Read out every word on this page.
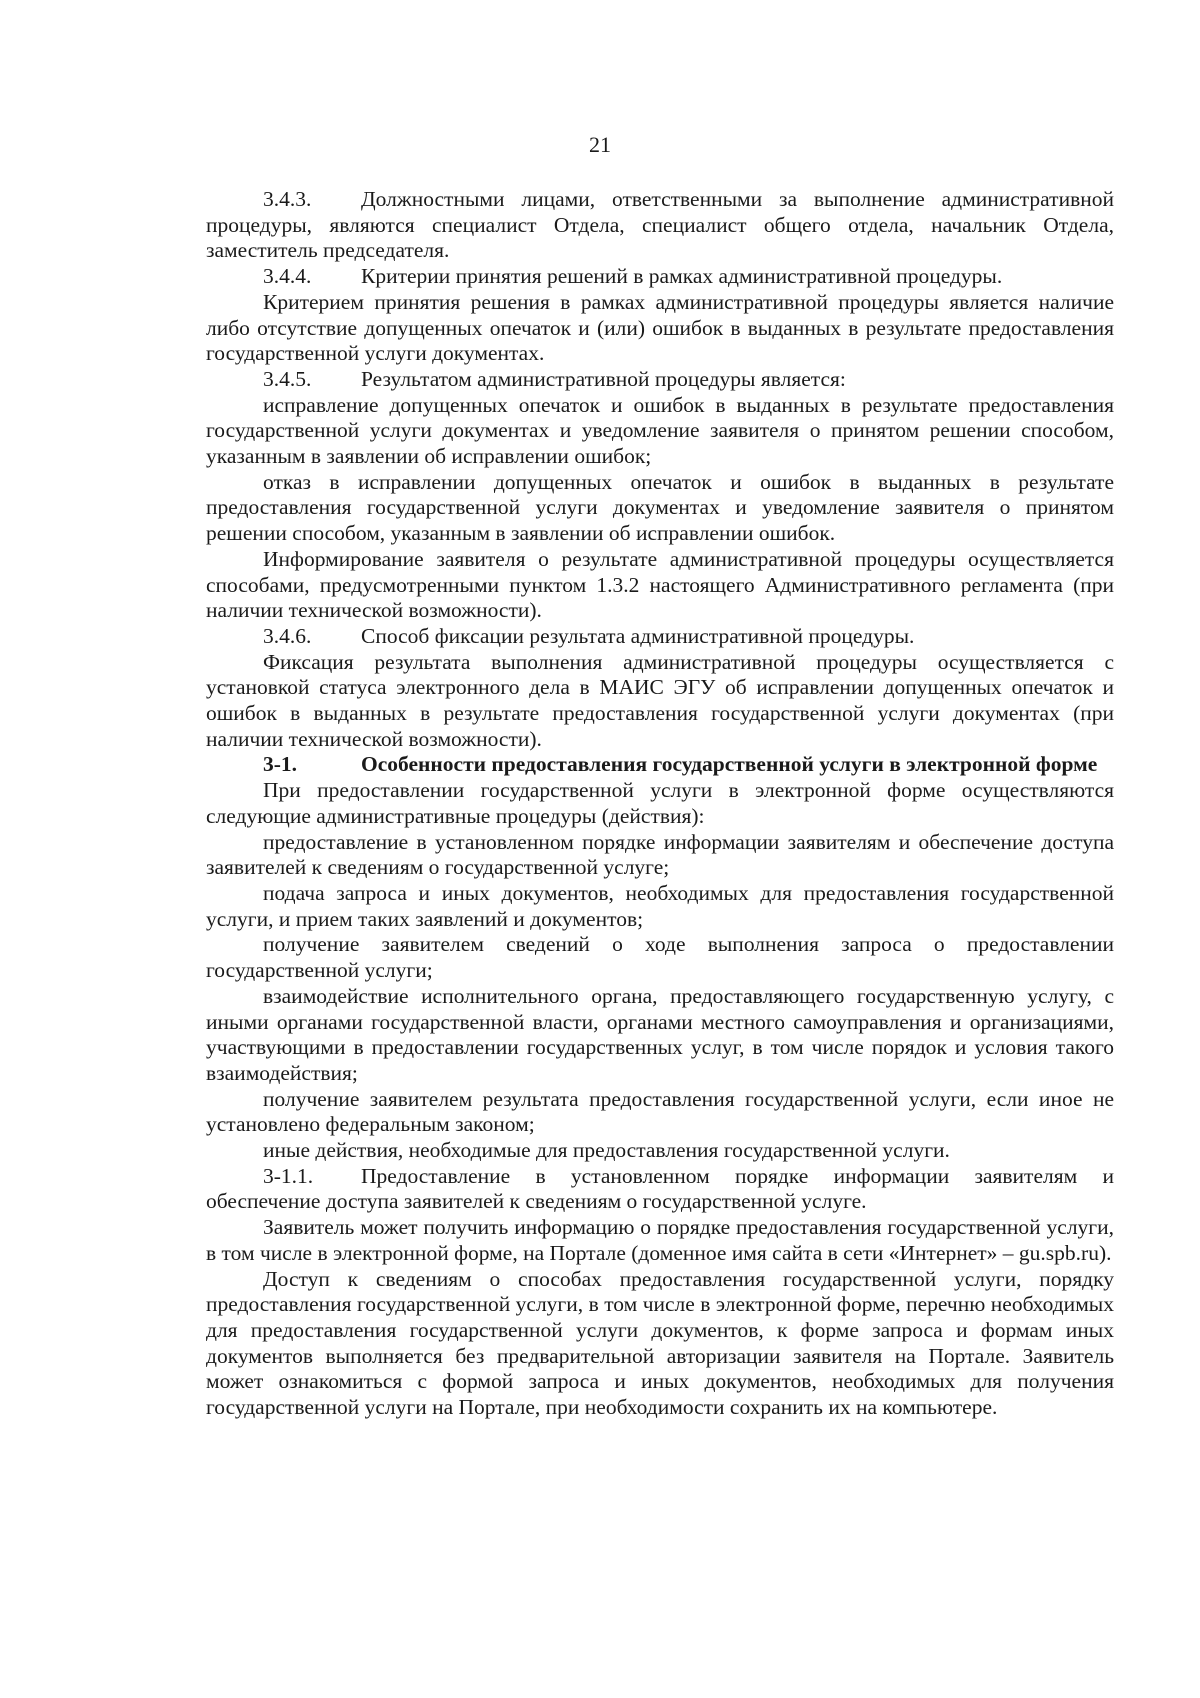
21

3.4.3. Должностными лицами, ответственными за выполнение административной процедуры, являются специалист Отдела, специалист общего отдела, начальник Отдела, заместитель председателя.

3.4.4. Критерии принятия решений в рамках административной процедуры.

Критерием принятия решения в рамках административной процедуры является наличие либо отсутствие допущенных опечаток и (или) ошибок в выданных в результате предоставления государственной услуги документах.

3.4.5. Результатом административной процедуры является:

исправление допущенных опечаток и ошибок в выданных в результате предоставления государственной услуги документах и уведомление заявителя о принятом решении способом, указанным в заявлении об исправлении ошибок;

отказ в исправлении допущенных опечаток и ошибок в выданных в результате предоставления государственной услуги документах и уведомление заявителя о принятом решении способом, указанным в заявлении об исправлении ошибок.

Информирование заявителя о результате административной процедуры осуществляется способами, предусмотренными пунктом 1.3.2 настоящего Административного регламента (при наличии технической возможности).

3.4.6. Способ фиксации результата административной процедуры.

Фиксация результата выполнения административной процедуры осуществляется с установкой статуса электронного дела в МАИС ЭГУ об исправлении допущенных опечаток и ошибок в выданных в результате предоставления государственной услуги документах (при наличии технической возможности).

3-1.	Особенности предоставления государственной услуги в электронной форме

При предоставлении государственной услуги в электронной форме осуществляются следующие административные процедуры (действия):

предоставление в установленном порядке информации заявителям и обеспечение доступа заявителей к сведениям о государственной услуге;

подача запроса и иных документов, необходимых для предоставления государственной услуги, и прием таких заявлений и документов;

получение заявителем сведений о ходе выполнения запроса о предоставлении государственной услуги;

взаимодействие исполнительного органа, предоставляющего государственную услугу, с иными органами государственной власти, органами местного самоуправления и организациями, участвующими в предоставлении государственных услуг, в том числе порядок и условия такого взаимодействия;

получение заявителем результата предоставления государственной услуги, если иное не установлено федеральным законом;

иные действия, необходимые для предоставления государственной услуги.

3-1.1. Предоставление в установленном порядке информации заявителям и обеспечение доступа заявителей к сведениям о государственной услуге.

Заявитель может получить информацию о порядке предоставления государственной услуги, в том числе в электронной форме, на Портале (доменное имя сайта в сети «Интернет» – gu.spb.ru).

Доступ к сведениям о способах предоставления государственной услуги, порядку предоставления государственной услуги, в том числе в электронной форме, перечню необходимых для предоставления государственной услуги документов, к форме запроса и формам иных документов выполняется без предварительной авторизации заявителя на Портале. Заявитель может ознакомиться с формой запроса и иных документов, необходимых для получения государственной услуги на Портале, при необходимости сохранить их на компьютере.
